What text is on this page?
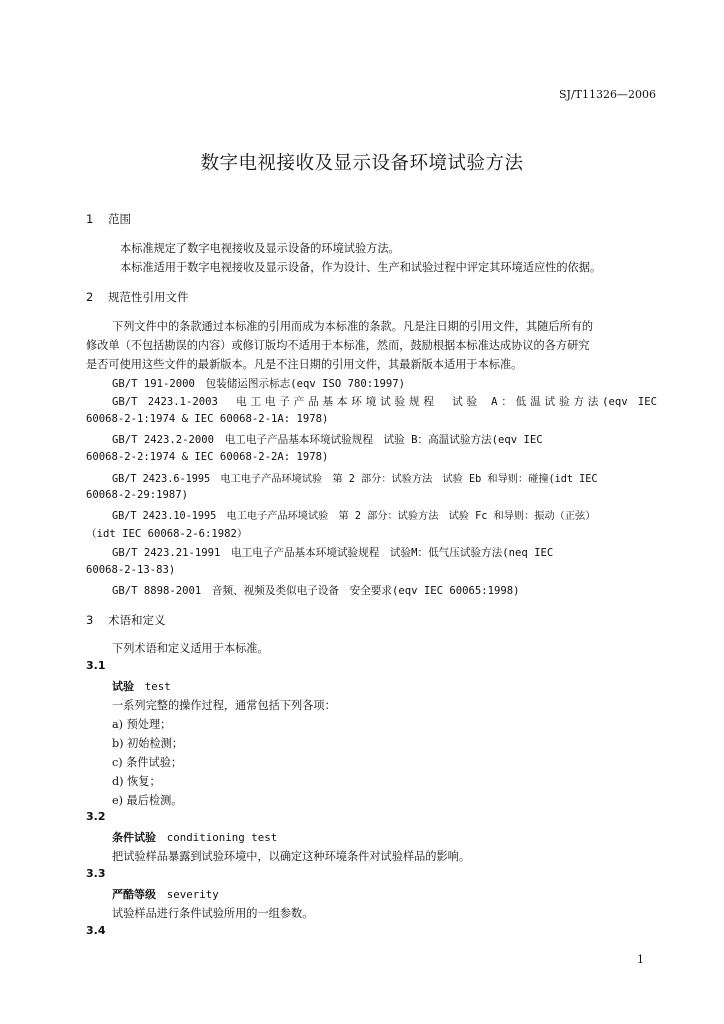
SJ/T11326—2006
数字电视接收及显示设备环境试验方法
1 范围
本标准规定了数字电视接收及显示设备的环境试验方法。
本标准适用于数字电视接收及显示设备，作为设计、生产和试验过程中评定其环境适应性的依据。
2 规范性引用文件
下列文件中的条款通过本标准的引用而成为本标准的条款。凡是注日期的引用文件，其随后所有的
修改单（不包括勘误的内容）或修订版均不适用于本标准，然而，鼓励根据本标准达成协议的各方研究
是否可使用这些文件的最新版本。凡是不注日期的引用文件，其最新版本适用于本标准。
GB/T 191-2000　包装储运图示标志(eqv ISO 780:1997)
GB/T 2423.1-2003　电工电子产品基本环境试验规程　试验 A：低温试验方法(eqv IEC
60068-2-1:1974 & IEC 60068-2-1A: 1978)
GB/T 2423.2-2000　电工电子产品基本环境试验规程　试验 B：高温试验方法(eqv IEC
60068-2-2:1974 & IEC 60068-2-2A: 1978)
GB/T 2423.6-1995　电工电子产品环境试验　第 2 部分：试验方法　试验 Eb 和导则：碰撞(idt IEC
60068-2-29:1987)
GB/T 2423.10-1995　电工电子产品环境试验　第 2 部分：试验方法　试验 Fc 和导则：振动（正弦）
（idt IEC 60068-2-6:1982）
GB/T 2423.21-1991　电工电子产品基本环境试验规程　试验M：低气压试验方法(neq IEC
60068-2-13-83)
GB/T 8898-2001　音频、视频及类似电子设备　安全要求(eqv IEC 60065:1998)
3 术语和定义
下列术语和定义适用于本标准。
3.1
试验　 test
一系列完整的操作过程，通常包括下列各项：
a) 预处理；
b) 初始检测；
c) 条件试验；
d) 恢复；
e) 最后检测。
3.2
条件试验　 conditioning test
把试验样品暴露到试验环境中，以确定这种环境条件对试验样品的影响。
3.3
严酷等级　 severity
试验样品进行条件试验所用的一组参数。
3.4
1
